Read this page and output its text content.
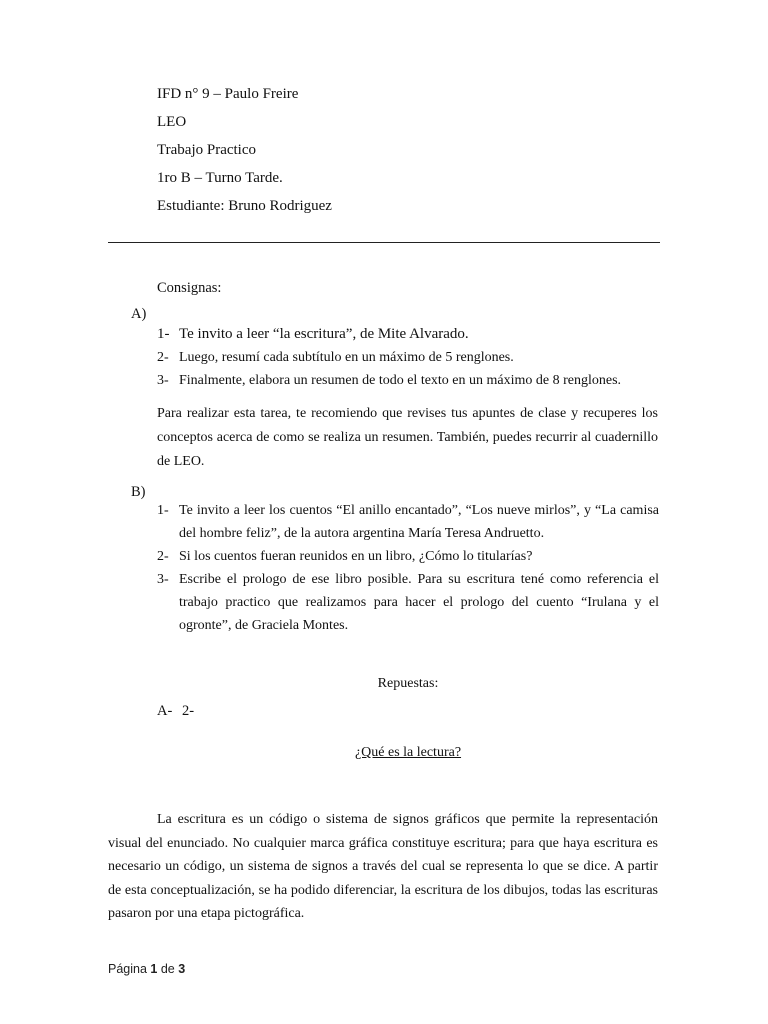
IFD n° 9 – Paulo Freire
LEO
Trabajo Practico
1ro B – Turno Tarde.
Estudiante: Bruno Rodriguez
Consignas:
A)
1- Te invito a leer “la escritura”, de Mite Alvarado.
2- Luego, resumí cada subtítulo en un máximo de 5 renglones.
3- Finalmente, elabora un resumen de todo el texto en un máximo de 8 renglones.
Para realizar esta tarea, te recomiendo que revises tus apuntes de clase y recuperes los conceptos acerca de como se realiza un resumen. También, puedes recurrir al cuadernillo de LEO.
B)
1- Te invito a leer los cuentos “El anillo encantado”, “Los nueve mirlos”, y “La camisa del hombre feliz”, de la autora argentina María Teresa Andruetto.
2- Si los cuentos fueran reunidos en un libro, ¿Cómo lo titularías?
3- Escribe el prologo de ese libro posible. Para su escritura tené como referencia el trabajo practico que realizamos para hacer el prologo del cuento “Irulana y el ogronte”, de Graciela Montes.
Repuestas:
A- 2-
¿Qué es la lectura?
La escritura es un código o sistema de signos gráficos que permite la representación visual del enunciado. No cualquier marca gráfica constituye escritura; para que haya escritura es necesario un código, un sistema de signos a través del cual se representa lo que se dice. A partir de esta conceptualización, se ha podido diferenciar, la escritura de los dibujos, todas las escrituras pasaron por una etapa pictográfica.
Página 1 de 3
